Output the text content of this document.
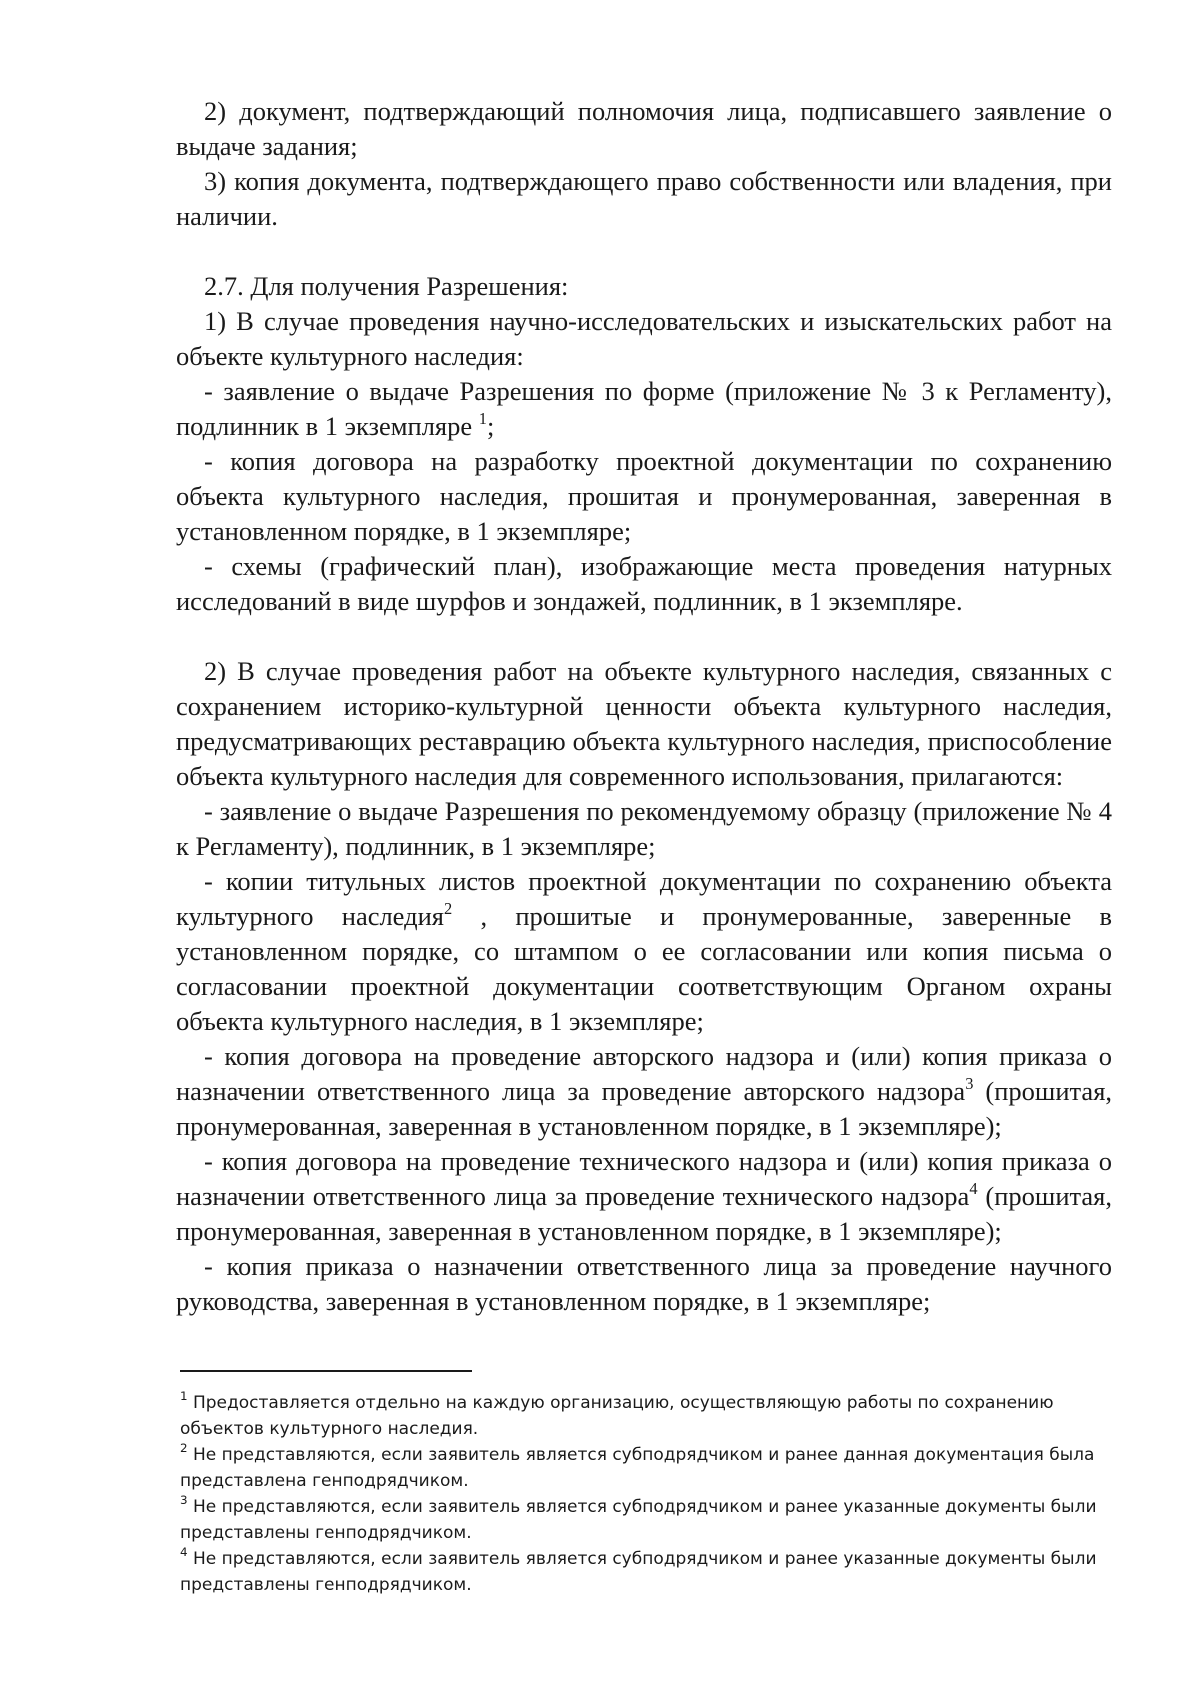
2) документ, подтверждающий полномочия лица, подписавшего заявление о выдаче задания;

3) копия документа, подтверждающего право собственности или владения, при наличии.

2.7. Для получения Разрешения:

1) В случае проведения научно-исследовательских и изыскательских работ на объекте культурного наследия:

- заявление о выдаче Разрешения по форме (приложение № 3 к Регламенту), подлинник в 1 экземпляре $^1$;

- копия договора на разработку проектной документации по сохранению объекта культурного наследия, прошитая и пронумерованная, заверенная в установленном порядке, в 1 экземпляре;

- схемы (графический план), изображающие места проведения натурных исследований в виде шурфов и зондажей, подлинник, в 1 экземпляре.

2) В случае проведения работ на объекте культурного наследия, связанных с сохранением историко-культурной ценности объекта культурного наследия, предусматривающих реставрацию объекта культурного наследия, приспособление объекта культурного наследия для современного использования, прилагаются:

- заявление о выдаче Разрешения по рекомендуемому образцу (приложение № 4 к Регламенту), подлинник, в 1 экземпляре;

- копии титульных листов проектной документации по сохранению объекта культурного наследия$^2$ , прошитые и пронумерованные, заверенные в установленном порядке, со штампом о ее согласовании или копия письма о согласовании проектной документации соответствующим Органом охраны объекта культурного наследия, в 1 экземпляре;

- копия договора на проведение авторского надзора и (или) копия приказа о назначении ответственного лица за проведение авторского надзора$^3$ (прошитая, пронумерованная, заверенная в установленном порядке, в 1 экземпляре);

- копия договора на проведение технического надзора и (или) копия приказа о назначении ответственного лица за проведение технического надзора$^4$ (прошитая, пронумерованная, заверенная в установленном порядке, в 1 экземпляре);

- копия приказа о назначении ответственного лица за проведение научного руководства, заверенная в установленном порядке, в 1 экземпляре;

$^1$ Предоставляется отдельно на каждую организацию, осуществляющую работы по сохранению объектов культурного наследия.

$^2$ Не представляются, если заявитель является субподрядчиком и ранее данная документация была представлена генподрядчиком.

$^3$ Не представляются, если заявитель является субподрядчиком и ранее указанные документы были представлены генподрядчиком.

$^4$ Не представляются, если заявитель является субподрядчиком и ранее указанные документы были представлены генподрядчиком.
